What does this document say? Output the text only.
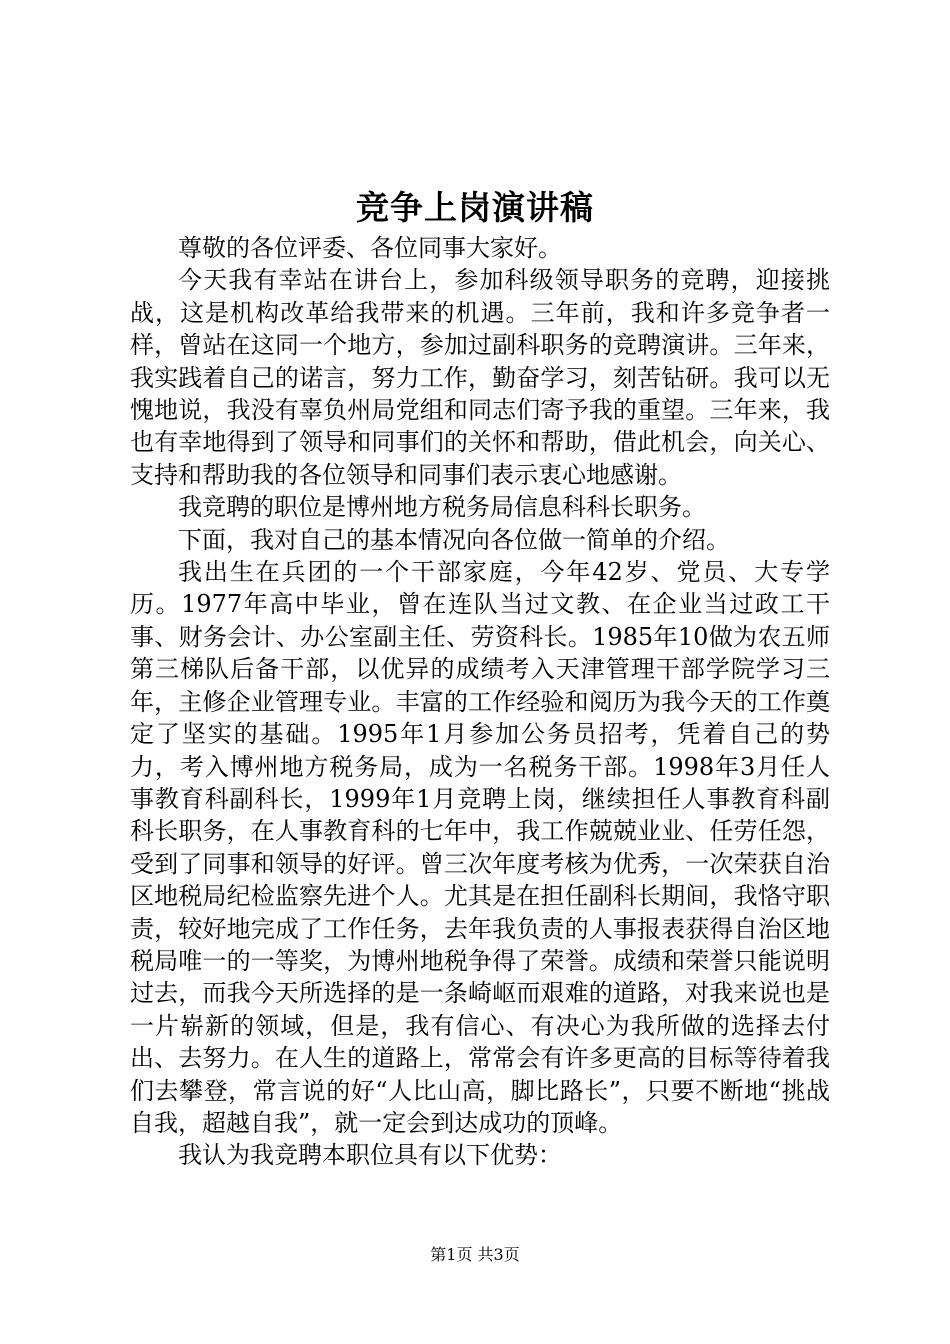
竞争上岗演讲稿

尊敬的各位评委、各位同事大家好。

今天我有幸站在讲台上，参加科级领导职务的竞聘，迎接挑战，这是机构改革给我带来的机遇。三年前，我和许多竞争者一样，曾站在这同一个地方，参加过副科职务的竞聘演讲。三年来，我实践着自己的诺言，努力工作，勤奋学习，刻苦钻研。我可以无愧地说，我没有辜负州局党组和同志们寄予我的重望。三年来，我也有幸地得到了领导和同事们的关怀和帮助，借此机会，向关心、支持和帮助我的各位领导和同事们表示衷心地感谢。

我竞聘的职位是博州地方税务局信息科科长职务。

下面，我对自己的基本情况向各位做一简单的介绍。

我出生在兵团的一个干部家庭，今年42岁、党员、大专学历。1977年高中毕业，曾在连队当过文教、在企业当过政工干事、财务会计、办公室副主任、劳资科长。1985年10做为农五师第三梯队后备干部，以优异的成绩考入天津管理干部学院学习三年，主修企业管理专业。丰富的工作经验和阅历为我今天的工作奠定了坚实的基础。1995年1月参加公务员招考，凭着自己的势力，考入博州地方税务局，成为一名税务干部。1998年3月任人事教育科副科长，1999年1月竞聘上岗，继续担任人事教育科副科长职务，在人事教育科的七年中，我工作兢兢业业、任劳任怨，受到了同事和领导的好评。曾三次年度考核为优秀，一次荣获自治区地税局纪检监察先进个人。尤其是在担任副科长期间，我恪守职责，较好地完成了工作任务，去年我负责的人事报表获得自治区地税局唯一的一等奖，为博州地税争得了荣誉。成绩和荣誉只能说明过去，而我今天所选择的是一条崎岖而艰难的道路，对我来说也是一片崭新的领域，但是，我有信心、有决心为我所做的选择去付出、去努力。在人生的道路上，常常会有许多更高的目标等待着我们去攀登，常言说的好“人比山高，脚比路长”，只要不断地“挑战自我，超越自我”，就一定会到达成功的顶峰。

我认为我竞聘本职位具有以下优势：

第1页 共3页
